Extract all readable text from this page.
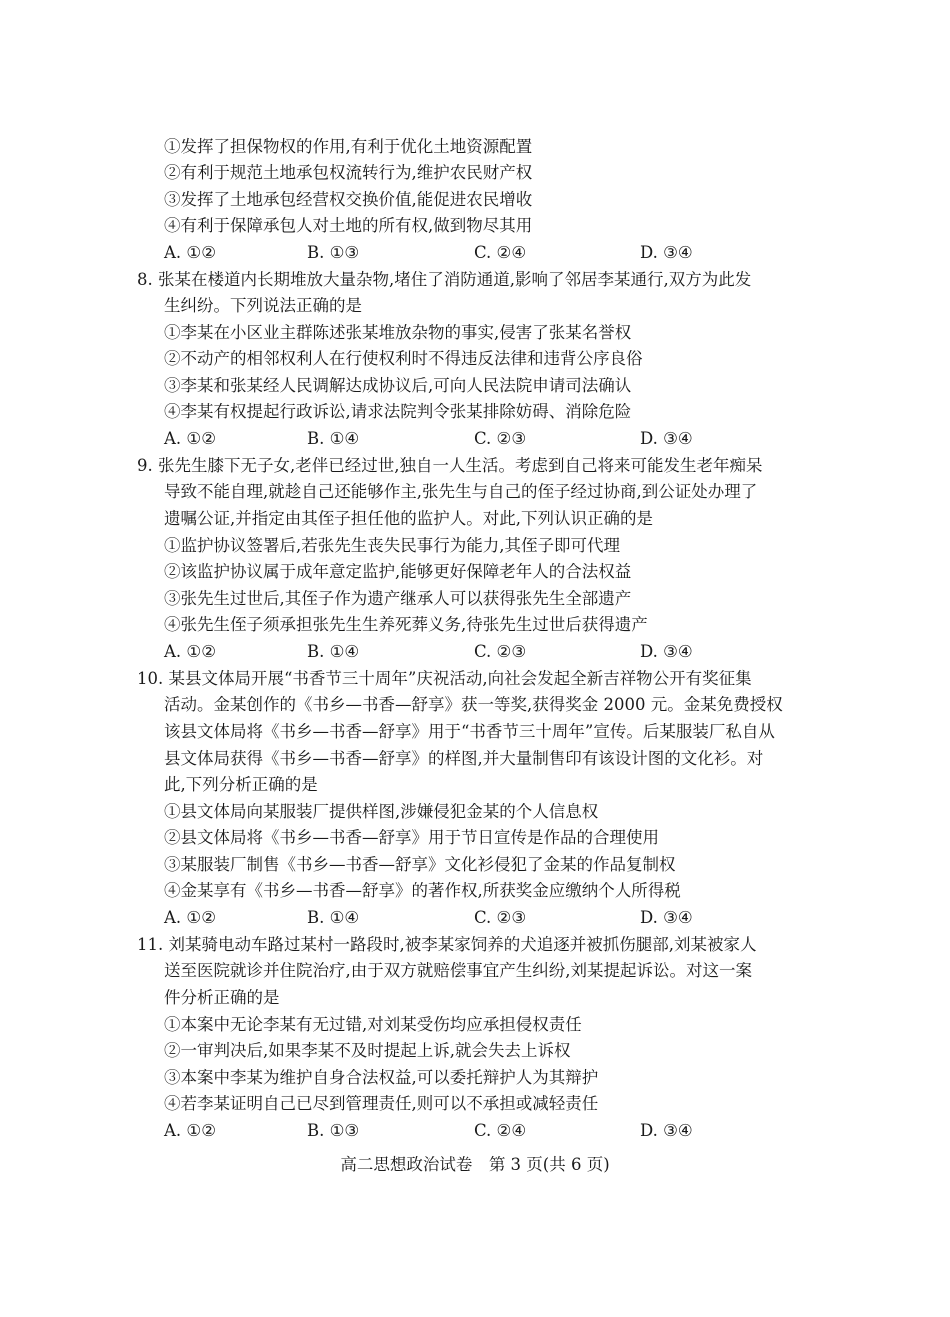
①发挥了担保物权的作用,有利于优化土地资源配置
②有利于规范土地承包权流转行为,维护农民财产权
③发挥了土地承包经营权交换价值,能促进农民增收
④有利于保障承包人对土地的所有权,做到物尽其用
A. ①②	B. ①③	C. ②④	D. ③④
8. 张某在楼道内长期堆放大量杂物,堵住了消防通道,影响了邻居李某通行,双方为此发
生纠纷。下列说法正确的是
①李某在小区业主群陈述张某堆放杂物的事实,侵害了张某名誉权
②不动产的相邻权利人在行使权利时不得违反法律和违背公序良俗
③李某和张某经人民调解达成协议后,可向人民法院申请司法确认
④李某有权提起行政诉讼,请求法院判令张某排除妨碍、消除危险
A. ①②	B. ①④	C. ②③	D. ③④
9. 张先生膝下无子女,老伴已经过世,独自一人生活。考虑到自己将来可能发生老年痴呆
导致不能自理,就趁自己还能够作主,张先生与自己的侄子经过协商,到公证处办理了
遗嘱公证,并指定由其侄子担任他的监护人。对此,下列认识正确的是
①监护协议签署后,若张先生丧失民事行为能力,其侄子即可代理
②该监护协议属于成年意定监护,能够更好保障老年人的合法权益
③张先生过世后,其侄子作为遗产继承人可以获得张先生全部遗产
④张先生侄子须承担张先生生养死葬义务,待张先生过世后获得遗产
A. ①②	B. ①④	C. ②③	D. ③④
10. 某县文体局开展“书香节三十周年”庆祝活动,向社会发起全新吉祥物公开有奖征集
活动。金某创作的《书乡—书香—舒享》获一等奖,获得奖金 2000 元。金某免费授权
该县文体局将《书乡—书香—舒享》用于“书香节三十周年”宣传。后某服装厂私自从
县文体局获得《书乡—书香—舒享》的样图,并大量制售印有该设计图的文化衫。对
此,下列分析正确的是
①县文体局向某服装厂提供样图,涉嫌侵犯金某的个人信息权
②县文体局将《书乡—书香—舒享》用于节日宣传是作品的合理使用
③某服装厂制售《书乡—书香—舒享》文化衫侵犯了金某的作品复制权
④金某享有《书乡—书香—舒享》的著作权,所获奖金应缴纳个人所得税
A. ①②	B. ①④	C. ②③	D. ③④
11. 刘某骑电动车路过某村一路段时,被李某家饲养的犬追逐并被抓伤腿部,刘某被家人
送至医院就诊并住院治疗,由于双方就赔偿事宜产生纠纷,刘某提起诉讼。对这一案
件分析正确的是
①本案中无论李某有无过错,对刘某受伤均应承担侵权责任
②一审判决后,如果李某不及时提起上诉,就会失去上诉权
③本案中李某为维护自身合法权益,可以委托辩护人为其辩护
④若李某证明自己已尽到管理责任,则可以不承担或减轻责任
A. ①②	B. ①③	C. ②④	D. ③④
高二思想政治试卷　第 3 页(共 6 页)
